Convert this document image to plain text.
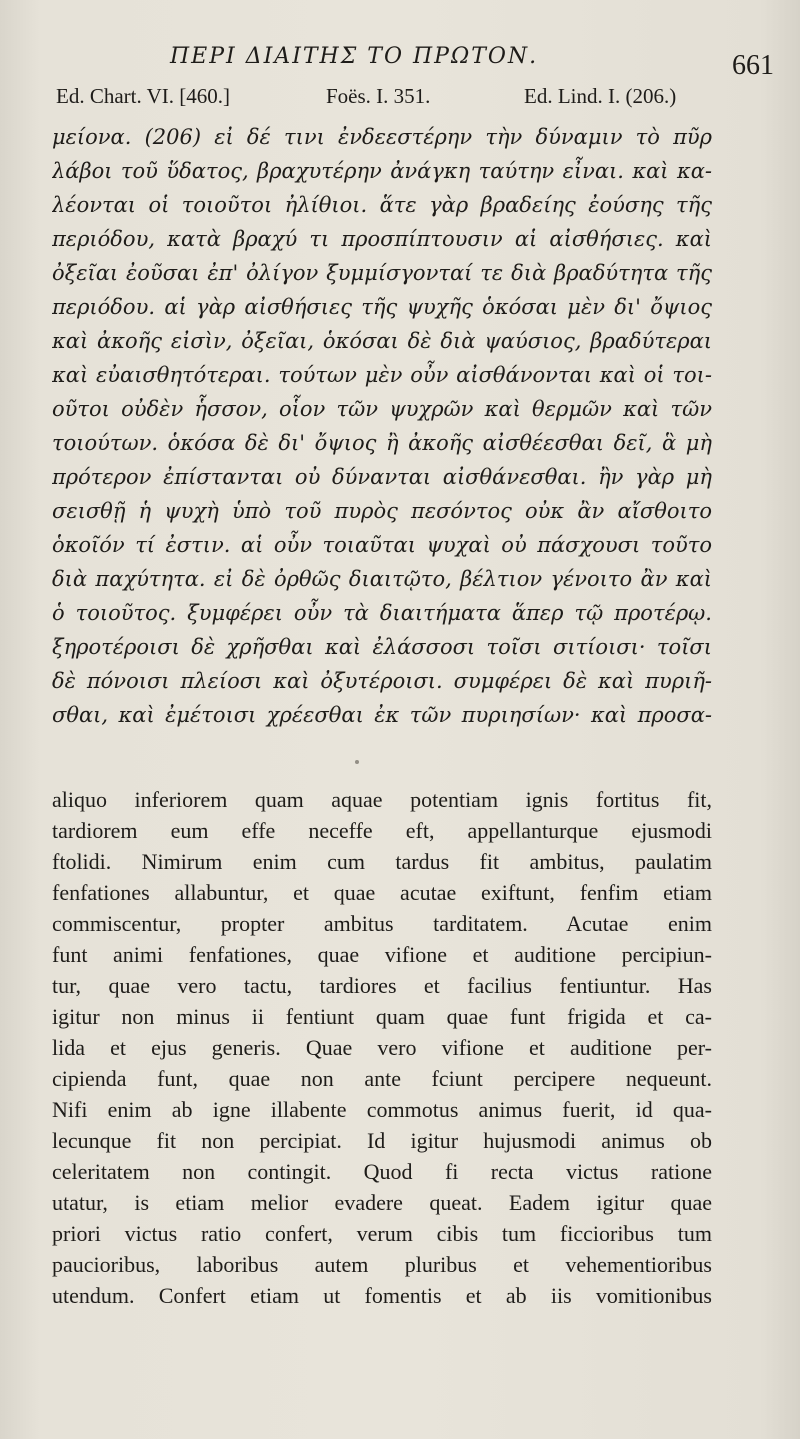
ΠΕΡΙ ΔΙΑΙΤΗΣ ΤΟ ΠΡΩΤΟΝ.	661
Ed. Chart. VI. [460.]	Foës. I. 351.	Ed. Lind. I. (206.)
μείονα. (206) εἰ δέ τινι ἐνδεεστέρην τὴν δύναμιν τὸ πῦρ
λάβοι τοῦ ὕδατος, βραχυτέρην ἀνάγκη ταύτην εἶναι. καὶ κα-
λέονται οἱ τοιοῦτοι ἠλίθιοι. ἅτε γὰρ βραδείης ἐούσης τῆς
περιόδου, κατὰ βραχύ τι προσπίπτουσιν αἱ αἰσθήσιες. καὶ
ὀξεῖαι ἐοῦσαι ἐπ' ὀλίγον ξυμμίσγονταί τε διὰ βραδύτητα τῆς
περιόδου. αἱ γὰρ αἰσθήσιες τῆς ψυχῆς ὁκόσαι μὲν δι' ὄψιος
καὶ ἀκοῆς εἰσὶν, ὀξεῖαι, ὁκόσαι δὲ διὰ ψαύσιος, βραδύτεραι
καὶ εὐαισθητότεραι. τούτων μὲν οὖν αἰσθάνονται καὶ οἱ τοι-
οῦτοι οὐδὲν ἧσσον, οἷον τῶν ψυχρῶν καὶ θερμῶν καὶ τῶν
τοιούτων. ὁκόσα δὲ δι' ὄψιος ἢ ἀκοῆς αἰσθέεσθαι δεῖ, ἃ μὴ
πρότερον ἐπίστανται οὐ δύνανται αἰσθάνεσθαι. ἢν γὰρ μὴ
σεισθῇ ἡ ψυχὴ ὑπὸ τοῦ πυρὸς πεσόντος οὐκ ἂν αἴσθοιτο
ὁκοῖόν τί ἐστιν. αἱ οὖν τοιαῦται ψυχαὶ οὐ πάσχουσι τοῦτο
διὰ παχύτητα. εἰ δὲ ὀρθῶς διαιτῷτο, βέλτιον γένοιτο ἂν καὶ
ὁ τοιοῦτος. ξυμφέρει οὖν τὰ διαιτήματα ἅπερ τῷ προτέρῳ.
ξηροτέροισι δὲ χρῆσθαι καὶ ἐλάσσοσι τοῖσι σιτίοισι· τοῖσι
δὲ πόνοισι πλείοσι καὶ ὀξυτέροισι. συμφέρει δὲ καὶ πυριῆ-
σθαι, καὶ ἐμέτοισι χρέεσθαι ἐκ τῶν πυριησίων· καὶ προσα-
aliquo inferiorem quam aquae potentiam ignis fortitus fit,
tardiorem eum effe neceffe eft, appellanturque ejusmodi
ftolidi. Nimirum enim cum tardus fit ambitus, paulatim
fenfationes allabuntur, et quae acutae exiftunt, fenfim etiam
commiscentur, propter ambitus tarditatem. Acutae enim
funt animi fenfationes, quae vifione et auditione percipiun-
tur, quae vero tactu, tardiores et facilius fentiuntur. Has
igitur non minus ii fentiunt quam quae funt frigida et ca-
lida et ejus generis. Quae vero vifione et auditione per-
cipienda funt, quae non ante fciunt percipere nequeunt.
Nifi enim ab igne illabente commotus animus fuerit, id qua-
lecunque fit non percipiat. Id igitur hujusmodi animus ob
celeritatem non contingit. Quod fi recta victus ratione
utatur, is etiam melior evadere queat. Eadem igitur quae
priori victus ratio confert, verum cibis tum ficcioribus tum
paucioribus, laboribus autem pluribus et vehementioribus
utendum. Confert etiam ut fomentis et ab iis vomitionibus
